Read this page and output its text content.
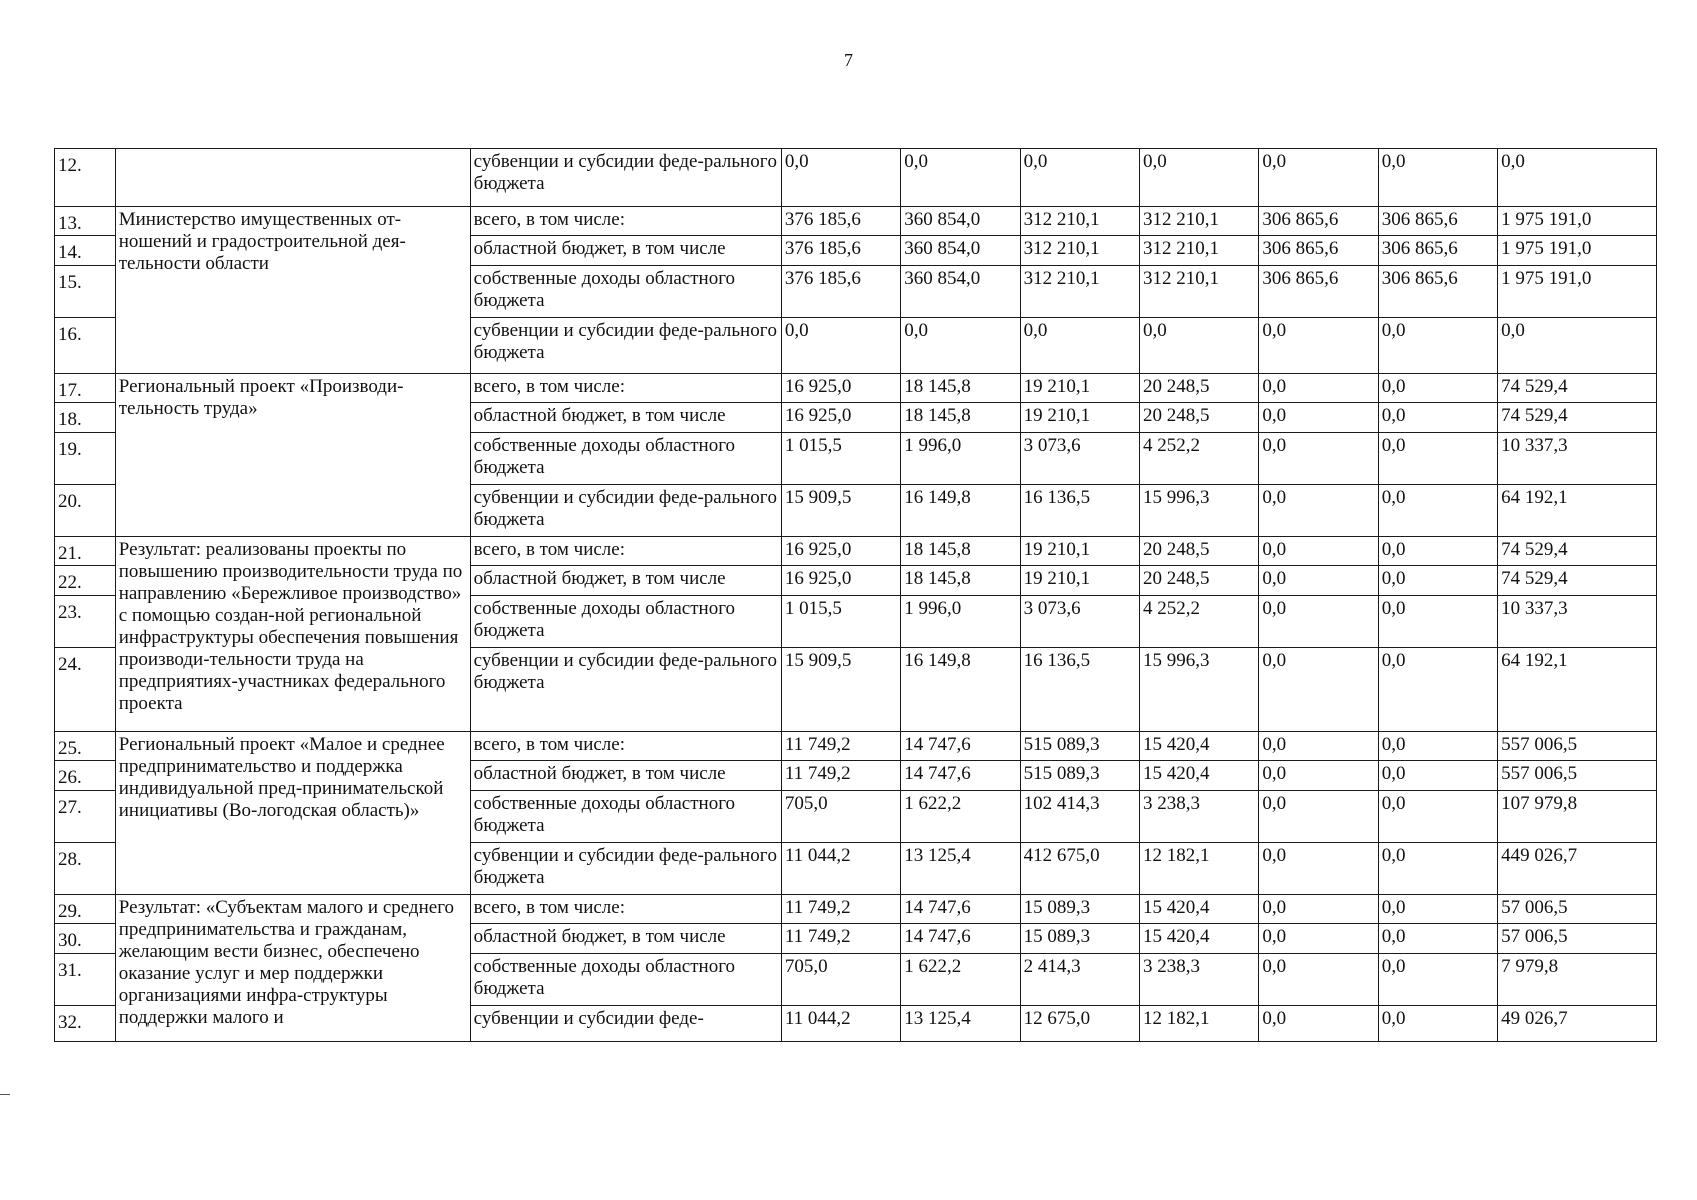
7
12.		субвенции и субсидии феде-ральногo бюджета	0,0	0,0	0,0	0,0	0,0	0,0	0,0
13.	Министерство имущественных от-ношений и градостроительной дея-тельности области	всего, в том числе:	376 185,6	360 854,0	312 210,1	312 210,1	306 865,6	306 865,6	1 975 191,0
14.		областной бюджет, в том числе	376 185,6	360 854,0	312 210,1	312 210,1	306 865,6	306 865,6	1 975 191,0
15.		собственные доходы областного бюджета	376 185,6	360 854,0	312 210,1	312 210,1	306 865,6	306 865,6	1 975 191,0
16.		субвенции и субсидии феде-ральногo бюджета	0,0	0,0	0,0	0,0	0,0	0,0	0,0
17.	Региональный проект «Производи-тельность труда»	всего, в том числе:	16 925,0	18 145,8	19 210,1	20 248,5	0,0	0,0	74 529,4
18.		областной бюджет, в том числе	16 925,0	18 145,8	19 210,1	20 248,5	0,0	0,0	74 529,4
19.		собственные доходы областного бюджета	1 015,5	1 996,0	3 073,6	4 252,2	0,0	0,0	10 337,3
20.		субвенции и субсидии феде-ральногo бюджета	15 909,5	16 149,8	16 136,5	15 996,3	0,0	0,0	64 192,1
21.	Результат: реализованы проекты по повышению производительности труда по направлению «Бережливое производство» с помощью создан-ной региональной инфраструктуры обеспечения повышения производи-тельности труда на предприятиях-участниках федерального проекта	всего, в том числе:	16 925,0	18 145,8	19 210,1	20 248,5	0,0	0,0	74 529,4
22.		областной бюджет, в том числе	16 925,0	18 145,8	19 210,1	20 248,5	0,0	0,0	74 529,4
23.		собственные доходы областного бюджета	1 015,5	1 996,0	3 073,6	4 252,2	0,0	0,0	10 337,3
24.		субвенции и субсидии феде-ральногo бюджета	15 909,5	16 149,8	16 136,5	15 996,3	0,0	0,0	64 192,1
25.	Региональный проект «Малое и среднее предпринимательство и поддержка индивидуальной пред-принимательской инициативы (Во-логодская область)»	всего, в том числе:	11 749,2	14 747,6	515 089,3	15 420,4	0,0	0,0	557 006,5
26.		областной бюджет, в том числе	11 749,2	14 747,6	515 089,3	15 420,4	0,0	0,0	557 006,5
27.		собственные доходы областного бюджета	705,0	1 622,2	102 414,3	3 238,3	0,0	0,0	107 979,8
28.		субвенции и субсидии феде-ральногo бюджета	11 044,2	13 125,4	412 675,0	12 182,1	0,0	0,0	449 026,7
29.	Результат: «Субъектам малого и среднего предпринимательства и гражданам, желающим вести бизнес, обеспечено оказание услуг и мер поддержки организациями инфра-структуры поддержки малого и	всего, в том числе:	11 749,2	14 747,6	15 089,3	15 420,4	0,0	0,0	57 006,5
30.		областной бюджет, в том числе	11 749,2	14 747,6	15 089,3	15 420,4	0,0	0,0	57 006,5
31.		собственные доходы областного бюджета	705,0	1 622,2	2 414,3	3 238,3	0,0	0,0	7 979,8
32.		субвенции и субсидии феде-	11 044,2	13 125,4	12 675,0	12 182,1	0,0	0,0	49 026,7
